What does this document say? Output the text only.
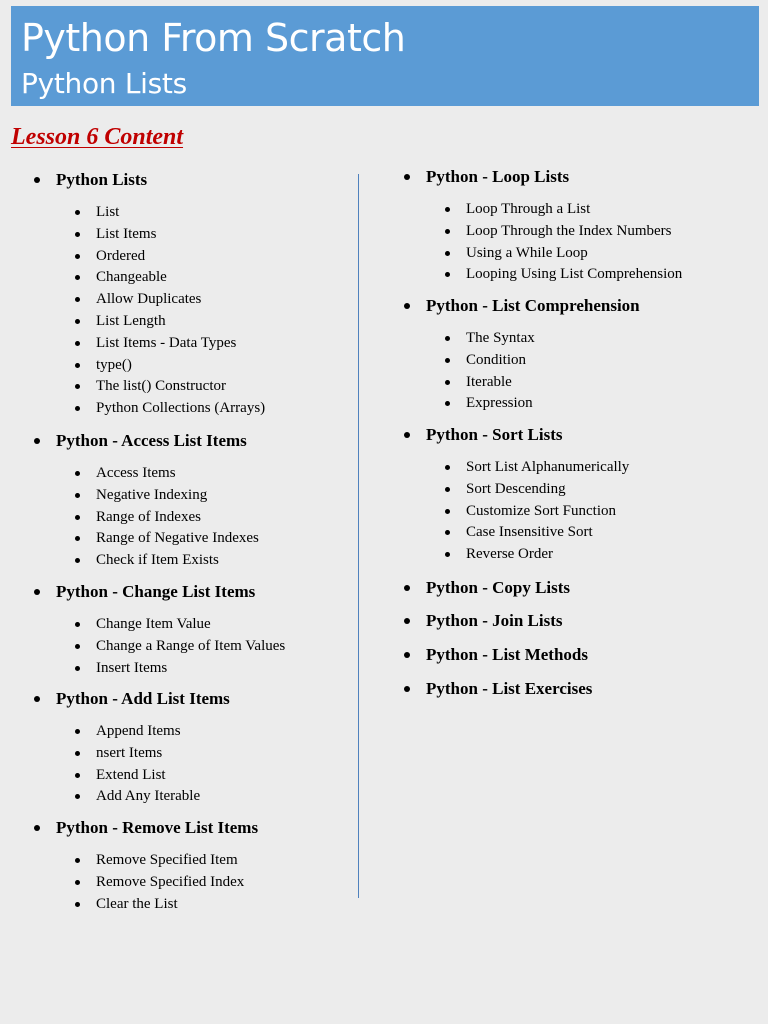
Python From Scratch
Python Lists
Lesson 6 Content
Python Lists
List
List Items
Ordered
Changeable
Allow Duplicates
List Length
List Items - Data Types
type()
The list() Constructor
Python Collections (Arrays)
Python - Access List Items
Access Items
Negative Indexing
Range of Indexes
Range of Negative Indexes
Check if Item Exists
Python - Change List Items
Change Item Value
Change a Range of Item Values
Insert Items
Python - Add List Items
Append Items
nsert Items
Extend List
Add Any Iterable
Python - Remove List Items
Remove Specified Item
Remove Specified Index
Clear the List
Python - Loop Lists
Loop Through a List
Loop Through the Index Numbers
Using a While Loop
Looping Using List Comprehension
Python - List Comprehension
The Syntax
Condition
Iterable
Expression
Python - Sort Lists
Sort List Alphanumerically
Sort Descending
Customize Sort Function
Case Insensitive Sort
Reverse Order
Python - Copy Lists
Python - Join Lists
Python - List Methods
Python - List Exercises
